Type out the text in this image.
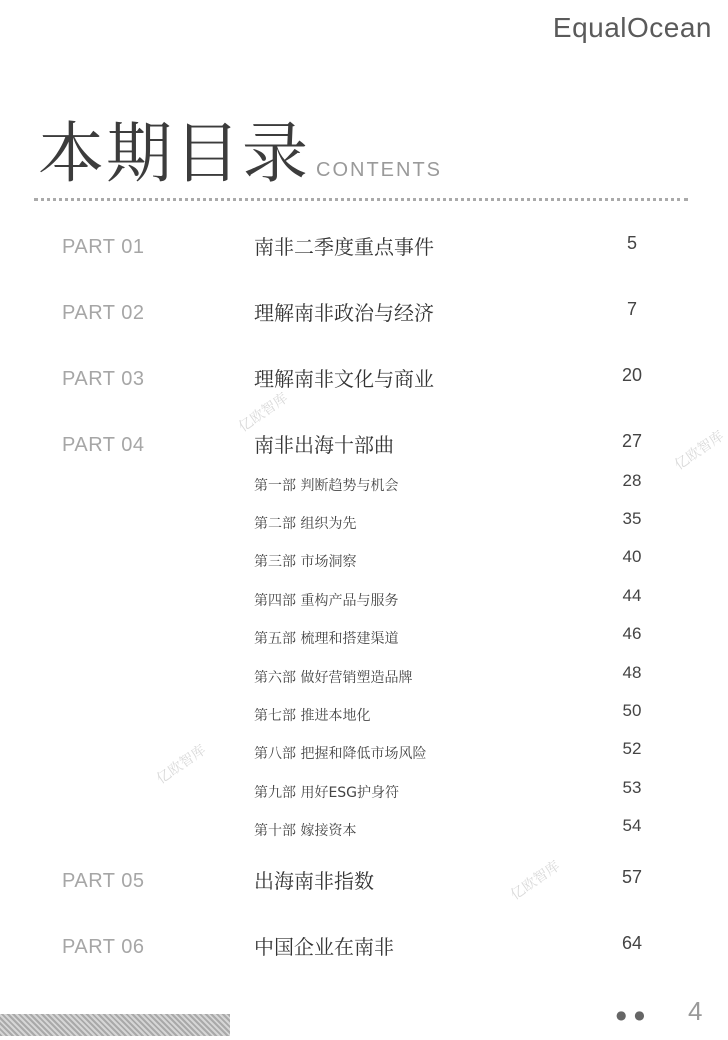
EqualOcean
本期目录 CONTENTS
亿欧智库
亿欧智库
亿欧智库
亿欧智库
PART 01	南非二季度重点事件	5
PART 02	理解南非政治与经济	7
PART 03	理解南非文化与商业	20
PART 04	南非出海十部曲	27
第一部 判断趋势与机会	28
第二部 组织为先	35
第三部 市场洞察	40
第四部 重构产品与服务	44
第五部 梳理和搭建渠道	46
第六部 做好营销塑造品牌	48
第七部 推进本地化	50
第八部 把握和降低市场风险	52
第九部 用好ESG护身符	53
第十部 嫁接资本	54
PART 05	出海南非指数	57
PART 06	中国企业在南非	64
● ● 4
